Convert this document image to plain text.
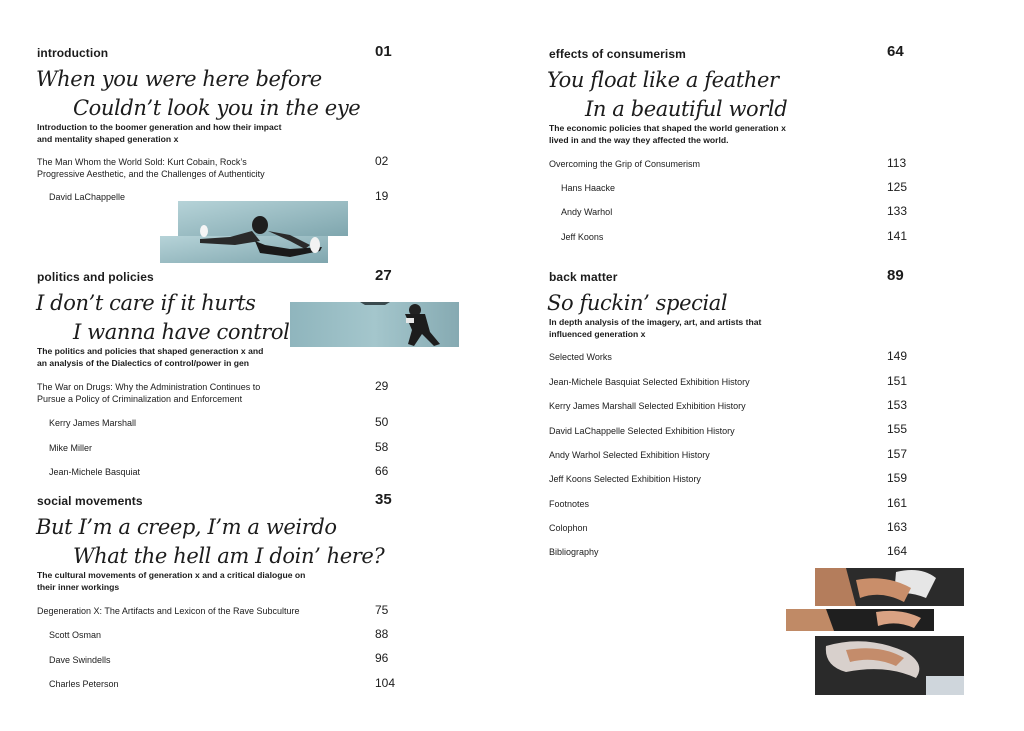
introduction	01
When you were here before
Couldn’t look you in the eye
Introduction to the boomer generation and how their impact
and mentality shaped generation x
The Man Whom the World Sold: Kurt Cobain, Rock’s
Progressive Aesthetic, and the Challenges of Authenticity
02
David LaChappelle	19
politics and policies	27
I don’t care if it hurts
I wanna have control
The politics and policies that shaped generaction x and
an analysis of the Dialectics of control/power in gen
The War on Drugs: Why the Administration Continues to
Pursue a Policy of Criminalization and Enforcement
29
Kerry James Marshall	50
Mike Miller	58
Jean-Michele Basquiat	66
social movements	35
But I’m a creep, I’m a weirdo
What the hell am I doin’ here?
The cultural movements of generation x and a critical dialogue on
their inner workings
Degeneration X: The Artifacts and Lexicon of the Rave Subculture	75
Scott Osman	88
Dave Swindells	96
Charles Peterson	104
effects of consumerism	64
You float like a feather
In a beautiful world
The economic policies that shaped the world generation x
lived in and the way they affected the world.
Overcoming the Grip of Consumerism	113
Hans Haacke	125
Andy Warhol	133
Jeff Koons	141
back matter	89
So fuckin’ special
In depth analysis of the imagery, art, and artists that
influenced generation x
Selected Works	149
Jean-Michele Basquiat Selected Exhibition History	151
Kerry James Marshall Selected Exhibition History	153
David LaChappelle Selected Exhibition History	155
Andy Warhol Selected Exhibition History	157
Jeff Koons Selected Exhibition History	159
Footnotes	161
Colophon	163
Bibliography	164
